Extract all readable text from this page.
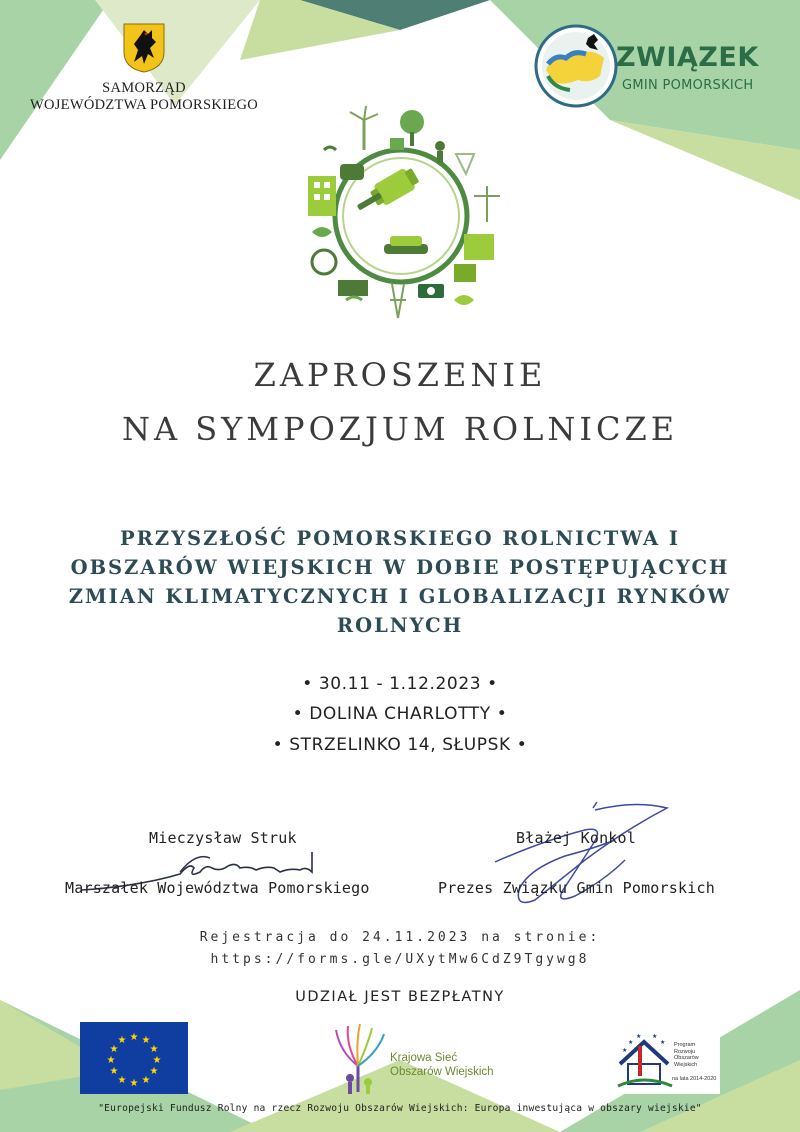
SAMORZĄD
WOJEWÓDZTWA POMORSKIEGO
ZWIĄZEK
GMIN POMORSKICH
ZAPROSZENIE
NA SYMPOZJUM ROLNICZE
PRZYSZŁOŚĆ POMORSKIEGO ROLNICTWA I OBSZARÓW WIEJSKICH W DOBIE POSTĘPUJĄCYCH ZMIAN KLIMATYCZNYCH I GLOBALIZACJI RYNKÓW ROLNYCH
• 30.11 - 1.12.2023 •
• DOLINA CHARLOTTY •
• STRZELINKO 14, SŁUPSK •
Mieczysław Struk
Marszałek Województwa Pomorskiego
Błażej Konkol
Prezes Związku Gmin Pomorskich
Rejestracja do 24.11.2023 na stronie:
https://forms.gle/UXytMw6CdZ9Tgywg8
UDZIAŁ JEST BEZPŁATNY
★ ★
★
★
★
★
★
★
★
★
★
★
Krajowa Sieć
Obszarów Wiejskich
★
★
★ ★
★ Program
Rozwoju
Obszarów
Wiejskich
na lata 2014-2020
"Europejski Fundusz Rolny na rzecz Rozwoju Obszarów Wiejskich: Europa inwestująca w obszary wiejskie"
